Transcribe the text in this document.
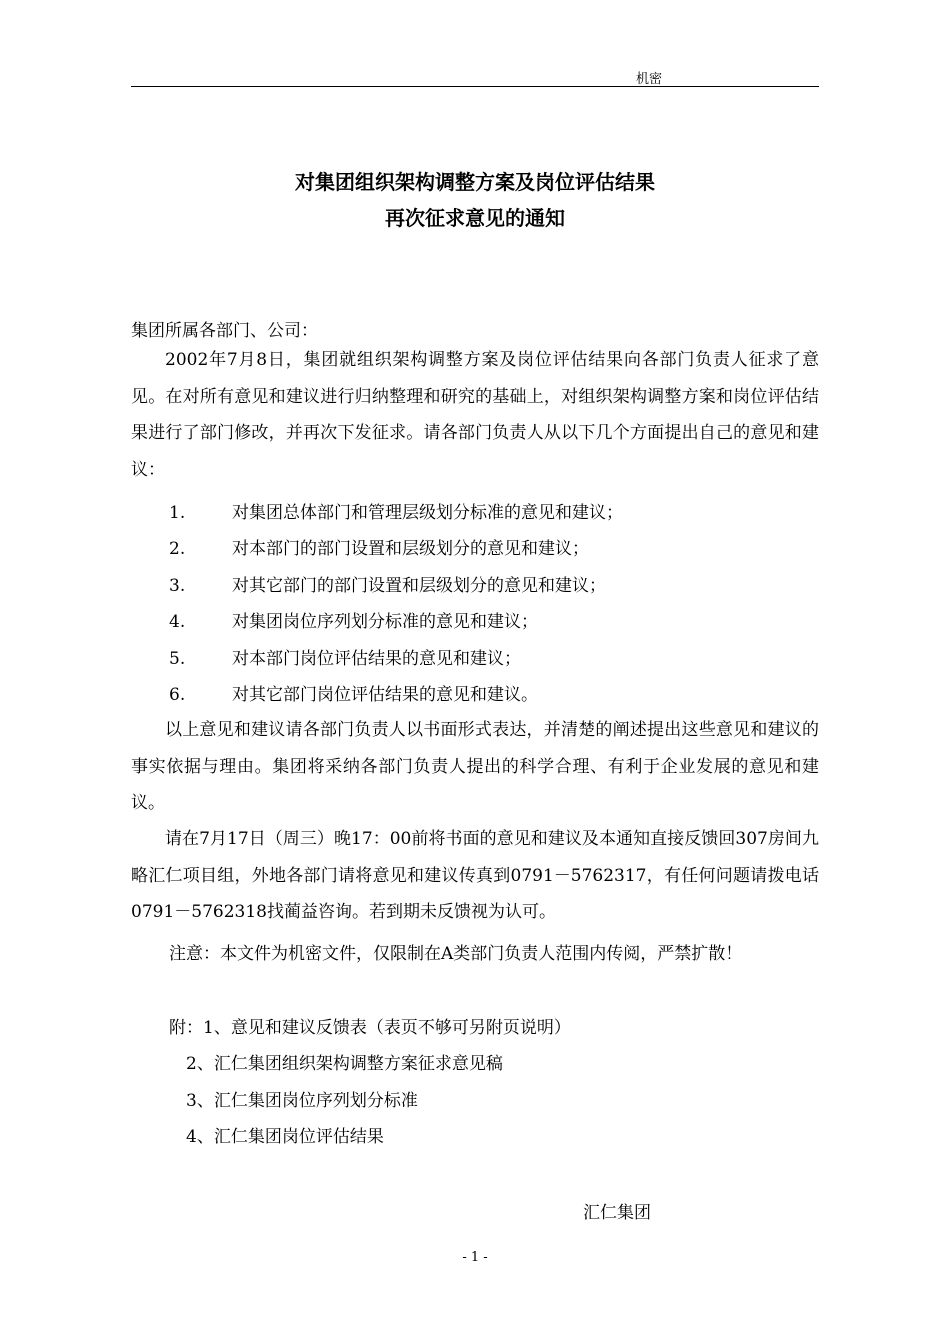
机密
对集团组织架构调整方案及岗位评估结果
再次征求意见的通知
集团所属各部门、公司：

2002年7月8日，集团就组织架构调整方案及岗位评估结果向各部门负责人征求了意见。在对所有意见和建议进行归纳整理和研究的基础上，对组织架构调整方案和岗位评估结果进行了部门修改，并再次下发征求。请各部门负责人从以下几个方面提出自己的意见和建议：

1.	对集团总体部门和管理层级划分标准的意见和建议；
2.	对本部门的部门设置和层级划分的意见和建议；
3.	对其它部门的部门设置和层级划分的意见和建议；
4.	对集团岗位序列划分标准的意见和建议；
5.	对本部门岗位评估结果的意见和建议；
6.	对其它部门岗位评估结果的意见和建议。

以上意见和建议请各部门负责人以书面形式表达，并清楚的阐述提出这些意见和建议的事实依据与理由。集团将采纳各部门负责人提出的科学合理、有利于企业发展的意见和建议。

请在7月17日（周三）晚17：00前将书面的意见和建议及本通知直接反馈回307房间九略汇仁项目组，外地各部门请将意见和建议传真到0791－5762317，有任何问题请拨电话0791－5762318找蔺益咨询。若到期未反馈视为认可。

注意：本文件为机密文件，仅限制在A类部门负责人范围内传阅，严禁扩散！
附：1、意见和建议反馈表（表页不够可另附页说明）
2、汇仁集团组织架构调整方案征求意见稿
3、汇仁集团岗位序列划分标准
4、汇仁集团岗位评估结果
汇仁集团
- 1 -
